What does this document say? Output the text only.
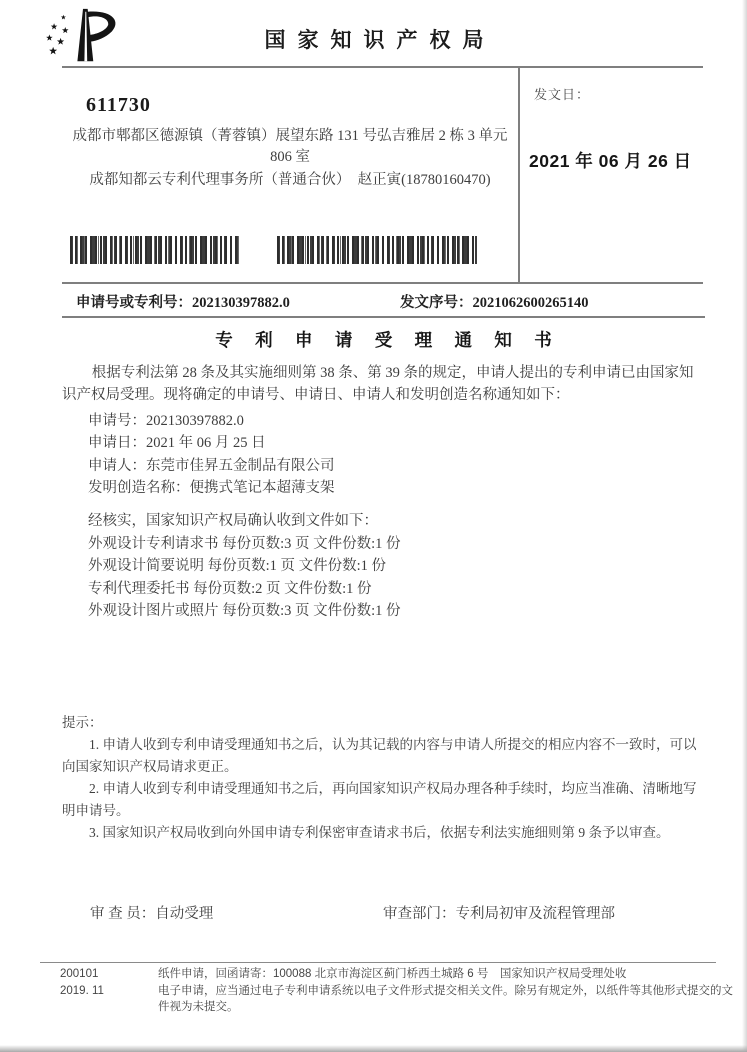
国家知识产权局
611730
成都市郫都区德源镇（菁蓉镇）展望东路 131 号弘吉雅居 2 栋 3 单元
806 室
成都知都云专利代理事务所（普通合伙）　赵正寅(18780160470)
发文日：
2021 年 06 月 26 日
申请号或专利号：202130397882.0	发文序号：2021062600265140
专 利 申 请 受 理 通 知 书

根据专利法第 28 条及其实施细则第 38 条、第 39 条的规定，申请人提出的专利申请已由国家知识产权局受理。现将确定的申请号、申请日、申请人和发明创造名称通知如下：

申请号：202130397882.0
申请日：2021 年 06 月 25 日
申请人：东莞市佳昇五金制品有限公司
发明创造名称：便携式笔记本超薄支架
经核实，国家知识产权局确认收到文件如下：
外观设计专利请求书 每份页数:3 页 文件份数:1 份
外观设计简要说明 每份页数:1 页 文件份数:1 份
专利代理委托书 每份页数:2 页 文件份数:1 份
外观设计图片或照片 每份页数:3 页 文件份数:1 份

提示：

1. 申请人收到专利申请受理通知书之后，认为其记载的内容与申请人所提交的相应内容不一致时，可以向国家知识产权局请求更正。

2. 申请人收到专利申请受理通知书之后，再向国家知识产权局办理各种手续时，均应当准确、清晰地写明申请号。

3. 国家知识产权局收到向外国申请专利保密审查请求书后，依据专利法实施细则第 9 条予以审查。

审 查 员：自动受理	审查部门：专利局初审及流程管理部
200101
2019. 11

纸件申请，回函请寄：100088 北京市海淀区蓟门桥西土城路 6 号　国家知识产权局受理处收

电子申请，应当通过电子专利申请系统以电子文件形式提交相关文件。除另有规定外，以纸件等其他形式提交的文件视为未提交。
